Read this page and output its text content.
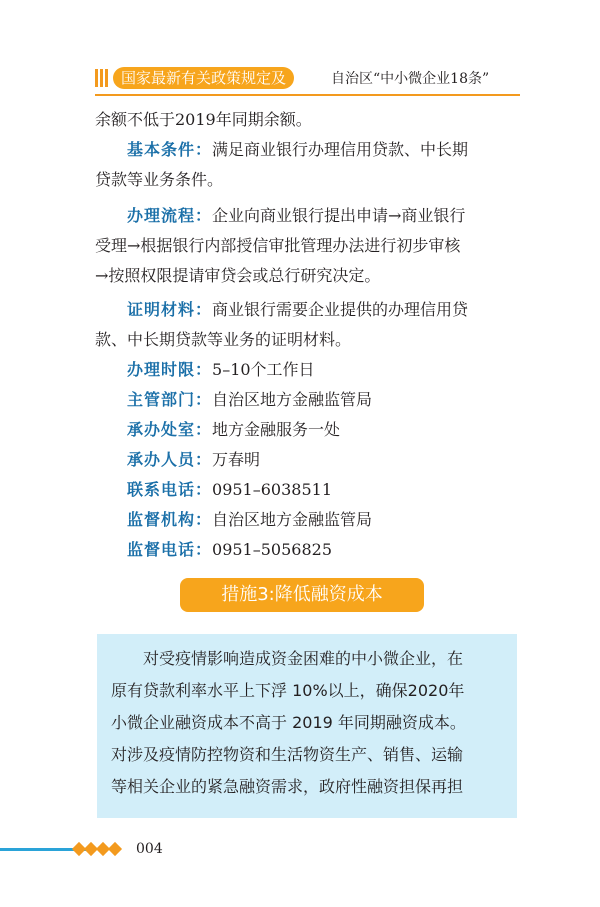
国家最新有关政策规定及	自治区“中小微企业18条”
余额不低于2019年同期余额。
基本条件：满足商业银行办理信用贷款、中长期
贷款等业务条件。
办理流程：企业向商业银行提出申请→商业银行
受理→根据银行内部授信审批管理办法进行初步审核
→按照权限提请审贷会或总行研究决定。
证明材料：商业银行需要企业提供的办理信用贷
款、中长期贷款等业务的证明材料。
办理时限：5–10个工作日
主管部门：自治区地方金融监管局
承办处室：地方金融服务一处
承办人员：万春明
联系电话：0951–6038511
监督机构：自治区地方金融监管局
监督电话：0951–5056825
措施3:降低融资成本
对受疫情影响造成资金困难的中小微企业，在
原有贷款利率水平上下浮 10%以上，确保2020年
小微企业融资成本不高于 2019 年同期融资成本。
对涉及疫情防控物资和生活物资生产、销售、运输
等相关企业的紧急融资需求，政府性融资担保再担
004
